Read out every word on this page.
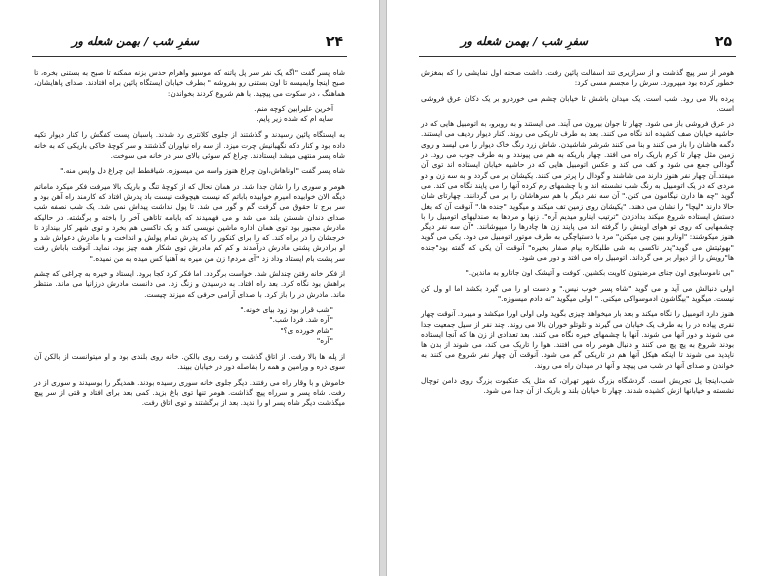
سفرِ شب / بهمن شعله ور	۲۴

شاه پسر گفت "اگه یک نفر سر پل پاتنه که موسیو واهرام حدس بزنه ممکنه تا صبح به بستنی بخره، تا صبح اینجا وایمیسه تا اون بستنی رو بفروشه " بطرف خیابان ایستگاه پائین براه افتادند. صدای پاهایشان، هماهنگ ، در سکوت می پیچید. با هم شروع کردند بخواندن:

آخرین علیرابین کوچه منم.
سایه ام که شده زیر پایم.

به ایستگاه پائین رسیدند و گذشتند از جلوی کلانتری رد شدند. پاسبان پست کفگش را کنار دیوار تکیه داده بود و کنار دکه نگهبانیش چرت میزد. از سه راه نیاوران گذشتند و سر کوچۀ خاکی باریکی که به خانه شاه پسر منتهی میشد ایستادند. چراغ کم سوئی بالای سر در خانه می سوخت.

شاه پسر گفت "اوناهاش،اون چراغ هنوز واسه من میسوزه. شیافطط این چراغ دل واپس منه."

هومر و سوری را را شان جدا شد. در همان نحال که از کوچۀ تنگ و باریک بالا میرفت فکر میکرد ماماتم دیگه الان خوابیده امیرم خوابیده باباتم که نیست هیچوقت نیست باد پدرش افتاد که کارمند راه آهن بود و سر برج تا حقوق می گرفت گم و گور می شد. تا پول نداشت پیداش نمی شد. یک شب نصفه شب صدای دندان شستن بلند می شد و می فهمیدند که بابامه تاتاهی آخر را باخته و برگشته. در حالیکه مادرش مجبور بود توی همان اداره ماشین نویسی کند و یک تاکسی هم بخرد و توی شهر کار بیندازد تا خرجشان را در براه کند. که را برای کنکور را که پدرش تمام پولش و انداخت و با مادرش دعواش شد و او برادرش پشتی مادرش درآمدند و کم کم مادرش توی شکار همه چیز بود، نماید. آنوقت باباش رفت سر پشت بام ایستاد وداد زد "آی مردم! زن من میره به آهنیا کس میده به من نمیده."

از فکر خانه رفتن چندلش شد. خواست برگردد. اما فکر کرد کجا برود. ایستاد و خیره به چراغی که چشم براهش بود نگاه کرد. بعد راه افتاد. به درسیدن و زنگ زد. می دانست مادرش درزانیا می ماند. منتظر ماند. مادرش در را باز کرد. با صدای آرامی حرفی که میزند چیست.

"شب قرار بود زود بیای خونه."
"آره شد. فردا شب."
"شام خورده ی؟"
"آره"

از پله ها بالا رفت. از اتاق گذشت و رفت روی بالکن. خانه روی بلندی بود و او میتوانست از بالکن آن سوی دره و ورامین و همه را بفاصله دور در خیابان ببیند.

خاموش و با وقار راه می رفتند. دیگر جلوی خانه سوری رسیده بودند. همدیگر را بوسیدند و سوری از در رفت. شاه پسر و سرراه پیچ گذاشت. هومر تنها توی باغ بزید. کمی بعد برای افتاد و قتی از سر پیچ میگذشت دیگر شاه پسر او را ندید. بعد از برگشتند و توی اتاق رفت.

سفرِ شب / بهمن شعله ور	۲۵

هومر از سر پیچ گذشت و از سرازیری تند اسفالت پائین رفت. داشت صحنه اول نمایشی را که بمغزش خطور کرده بود میپرورد. سرش را مجسم مسی کرد:

پرده بالا می رود. شب است. یک میدان باشش تا خیابان چشم می خوردرو بر یک دکان عرق فروشی است.

در عرق فروشی باز می شود. چهار تا جوان بیرون می آیند. می ایستند و به روبرو، به اتومبیل هایی که در حاشیه خیابان صف کشیده اند نگاه می کنند. بعد به طرف تاریکی می روند. کنار دیوار ردیف می ایستند. دگمه هاشان را باز می کنند و بنا می کنند شرشر شاشیدن. شاش زرد رنگ خاک دیوار را می لیسد و روی زمین مثل چهار تا کرم باریک راه می افتد. چهار باریکه به هم می پیوندد و به طرف جوب می رود. در گودالی جمع می شود و کف می کند و عکس اتومبیل هایی که در حاشیه خیابان ایستاده اند توی آن میفتد.آن چهار نفر هنوز دارند می شاشند و گودال را پرتر می کنند. یکیشان بر می گردد و به سه زن و دو مردی که در یک اتومبیل به رنگ شب نشسته اند و با چشمهای رم کرده آنها را می پایند نگاه می کند. می گوید "چه ها دارن نیگامون می کنن." آن سه نفر دیگر با هم سرهاشان را بر می گردانند. چهارتای شان حالا دارند "لیچا" را نشان می دهند. "یکیشان روی زمین تف میکند و میگوید "جنده ها." آنوقت آن که بغل دستش ایستاده شروع میکند بدادزدن "ترتیب اینارو میدیم آره". زنها و مردها به صندلیهای اتومبیل را با چشمهایی که روی تو هوای اوینش را گرفته اند می پایند زن ها چادرها را میپوشانند. "آن سه نفر دیگر هنوز میکوشند: "اونارو ببین چی میکنن" مرد با دستپاچگی به طرف موتور اتومبیل می دود. یکی می گوید "بهوئیتش می گوید"پدر ناکسی به شی طلبکاره بیام صفار بخیره" آنوقت آن یکی که گفته بود"جنده ها"رویش را از دیوار بر می گرداند. اتومبیل راه می افتد و دور می شود.

"بی ناموسایوی اون جنای مرضیتون کاویت بکشین. کوفت و آتیشک اون جاتارو به ماندین."

اولی دنبالش می آید و می گوید "شاه پسر خوب نیس." و دست او را می گیرد بکشد اما او ول کن نیست. میگوید "بیگاشون ادموسواکی میکنی. " اولی میگوید "نه دادم میسوزه."

هنوز دارد اتومبیل را نگاه میکند و بعد بار میخواهد چیزی بگوید ولی اولی اورا میکشد و میبرد. آنوقت چهار نفری پیاده در را به طرف یک خیابان می گیرند و تلوتلو خوران بالا می روند. چند نفر از سیل جمعیت جدا می شوند و دور آنها می شوند. آنها با چشمهای خیره نگاه می کنند. بعد تعدادی از زن ها که آنجا ایستاده بودند شروع به پچ پچ می کنند و دنبال هومر راه می افتند. هوا را تاریک می کند، می شوند از بدن ها ناپدید می شوند تا اینکه هیکل آنها هم در تاریکی گم می شود. آنوقت آن چهار نفر شروع می کنند به خواندن و صدای آنها در شب می پیچد و آنها در میدان راه می روند.

شب،اینجا پل تجریش است. گردشگاه بزرگ شهر تهران، که مثل یک عنکبوت بزرگ روی دامن توچال نشسته و خیابانها ازش کشیده شدند. چهار تا خیابان بلند و باریک از آن جدا می شود.
